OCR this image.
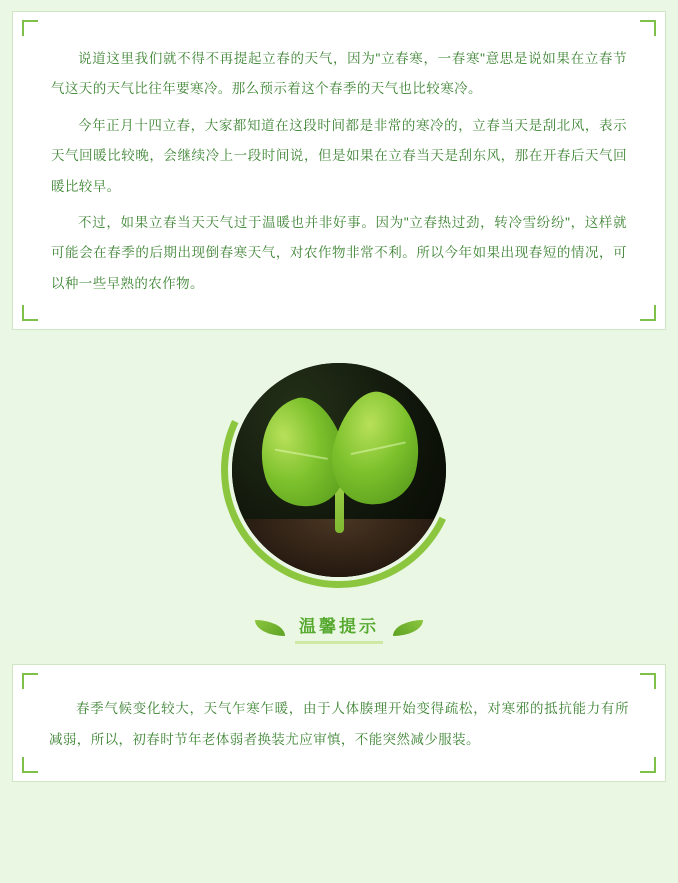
说道这里我们就不得不再提起立春的天气，因为"立春寒，一春寒"意思是说如果在立春节气这天的天气比往年要寒冷。那么预示着这个春季的天气也比较寒冷。

今年正月十四立春，大家都知道在这段时间都是非常的寒冷的，立春当天是刮北风，表示天气回暖比较晚，会继续冷上一段时间说，但是如果在立春当天是刮东风，那在开春后天气回暖比较早。

不过，如果立春当天天气过于温暖也并非好事。因为"立春热过劲，转冷雪纷纷"，这样就可能会在春季的后期出现倒春寒天气，对农作物非常不利。所以今年如果出现春短的情况，可以种一些早熟的农作物。

温馨提示

春季气候变化较大，天气乍寒乍暖，由于人体腠理开始变得疏松，对寒邪的抵抗能力有所减弱，所以，初春时节年老体弱者换装尤应审慎，不能突然减少服装。
